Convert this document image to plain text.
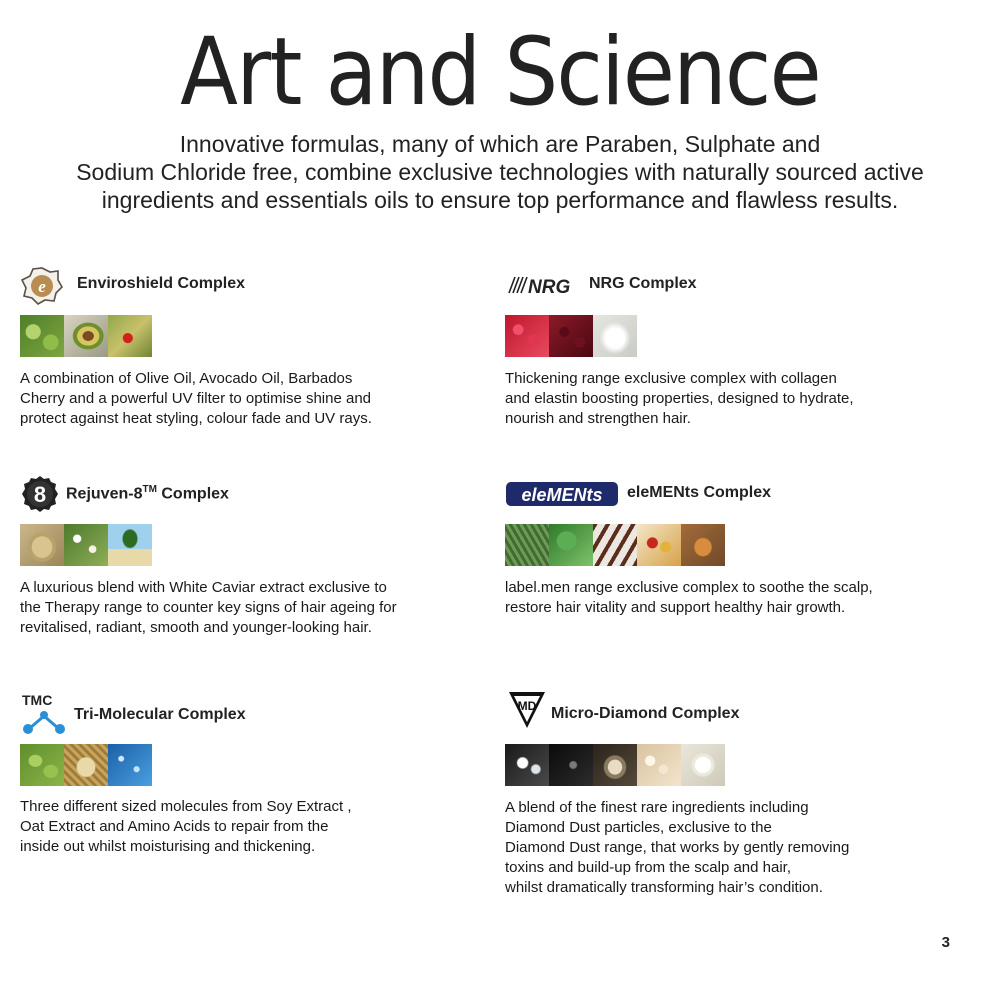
Art and Science

Innovative formulas, many of which are Paraben, Sulphate and
Sodium Chloride free, combine exclusive technologies with naturally sourced active
ingredients and essentials oils to ensure top performance and flawless results.

e Enviroshield Complex

A combination of Olive Oil, Avocado Oil, Barbados
Cherry and a powerful UV filter to optimise shine and
protect against heat styling, colour fade and UV rays.

NRG NRG Complex

Thickening range exclusive complex with collagen
and elastin boosting properties, designed to hydrate,
nourish and strengthen hair.

8 Rejuven-8™ Complex

A luxurious blend with White Caviar extract exclusive to
the Therapy range to counter key signs of hair ageing for
revitalised, radiant, smooth and younger-looking hair.

eleMENts eleMENts Complex

label.men range exclusive complex to soothe the scalp,
restore hair vitality and support healthy hair growth.

TMC
Tri-Molecular Complex

Three different sized molecules from Soy Extract ,
Oat Extract and Amino Acids to repair from the
inside out whilst moisturising and thickening.

MD Micro-Diamond Complex

A blend of the finest rare ingredients including
Diamond Dust particles, exclusive to the
Diamond Dust range, that works by gently removing
toxins and build-up from the scalp and hair,
whilst dramatically transforming hair’s condition.

3
